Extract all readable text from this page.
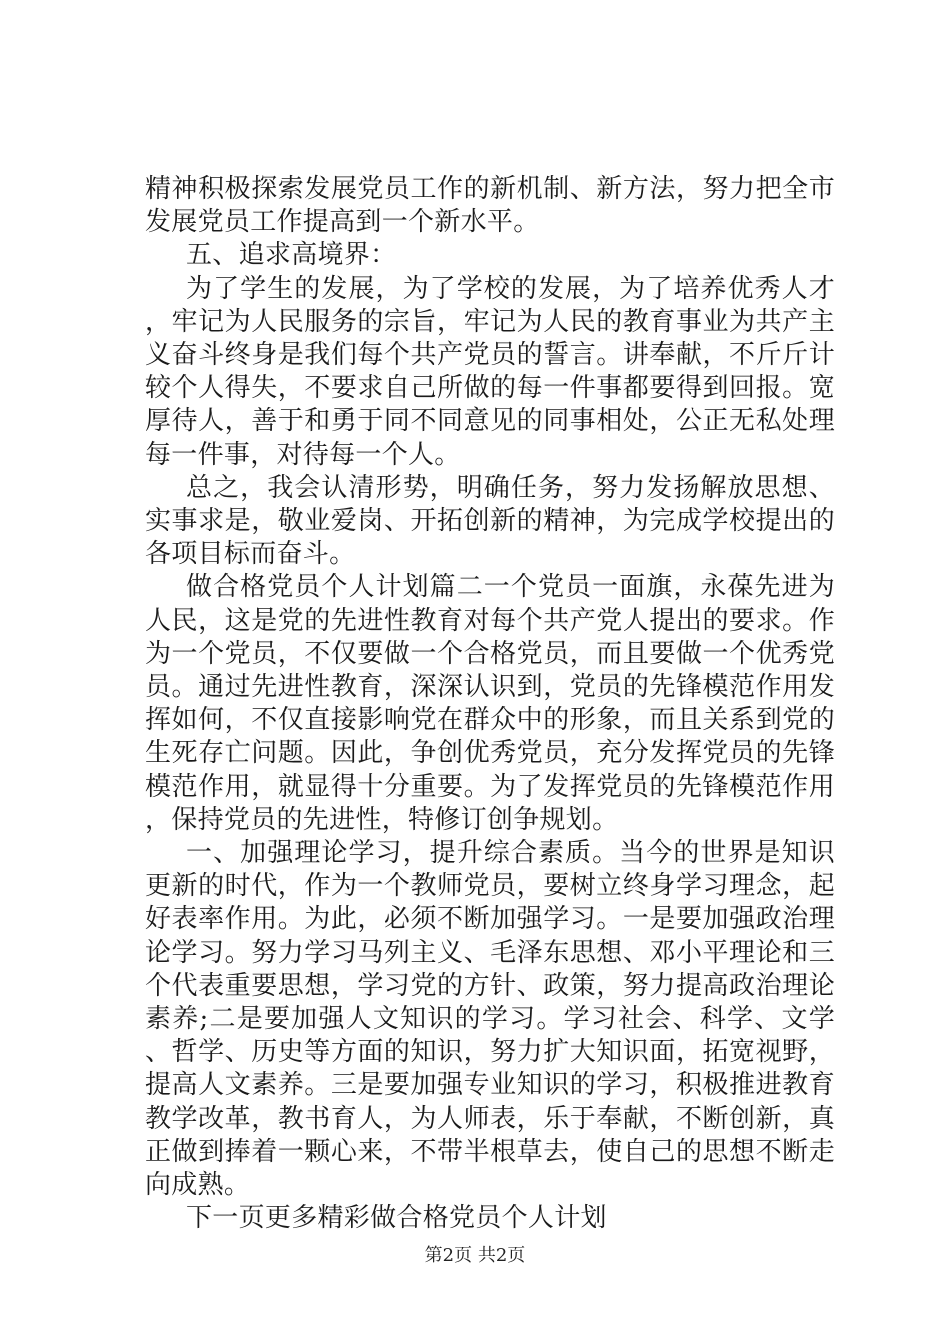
精神积极探索发展党员工作的新机制、新方法，努力把全市发展党员工作提高到一个新水平。

五、追求高境界：

为了学生的发展，为了学校的发展，为了培养优秀人才，牢记为人民服务的宗旨，牢记为人民的教育事业为共产主义奋斗终身是我们每个共产党员的誓言。讲奉献，不斤斤计较个人得失，不要求自己所做的每一件事都要得到回报。宽厚待人，善于和勇于同不同意见的同事相处，公正无私处理每一件事，对待每一个人。

总之，我会认清形势，明确任务，努力发扬解放思想、实事求是，敬业爱岗、开拓创新的精神，为完成学校提出的各项目标而奋斗。

做合格党员个人计划篇二一个党员一面旗，永葆先进为人民，这是党的先进性教育对每个共产党人提出的要求。作为一个党员，不仅要做一个合格党员，而且要做一个优秀党员。通过先进性教育，深深认识到，党员的先锋模范作用发挥如何，不仅直接影响党在群众中的形象，而且关系到党的生死存亡问题。因此，争创优秀党员，充分发挥党员的先锋模范作用，就显得十分重要。为了发挥党员的先锋模范作用，保持党员的先进性，特修订创争规划。

一、加强理论学习，提升综合素质。当今的世界是知识更新的时代，作为一个教师党员，要树立终身学习理念，起好表率作用。为此，必须不断加强学习。一是要加强政治理论学习。努力学习马列主义、毛泽东思想、邓小平理论和三个代表重要思想，学习党的方针、政策，努力提高政治理论素养;二是要加强人文知识的学习。学习社会、科学、文学、哲学、历史等方面的知识，努力扩大知识面，拓宽视野，提高人文素养。三是要加强专业知识的学习，积极推进教育教学改革，教书育人，为人师表，乐于奉献，不断创新，真正做到捧着一颗心来，不带半根草去，使自己的思想不断走向成熟。

下一页更多精彩做合格党员个人计划

第2页 共2页
